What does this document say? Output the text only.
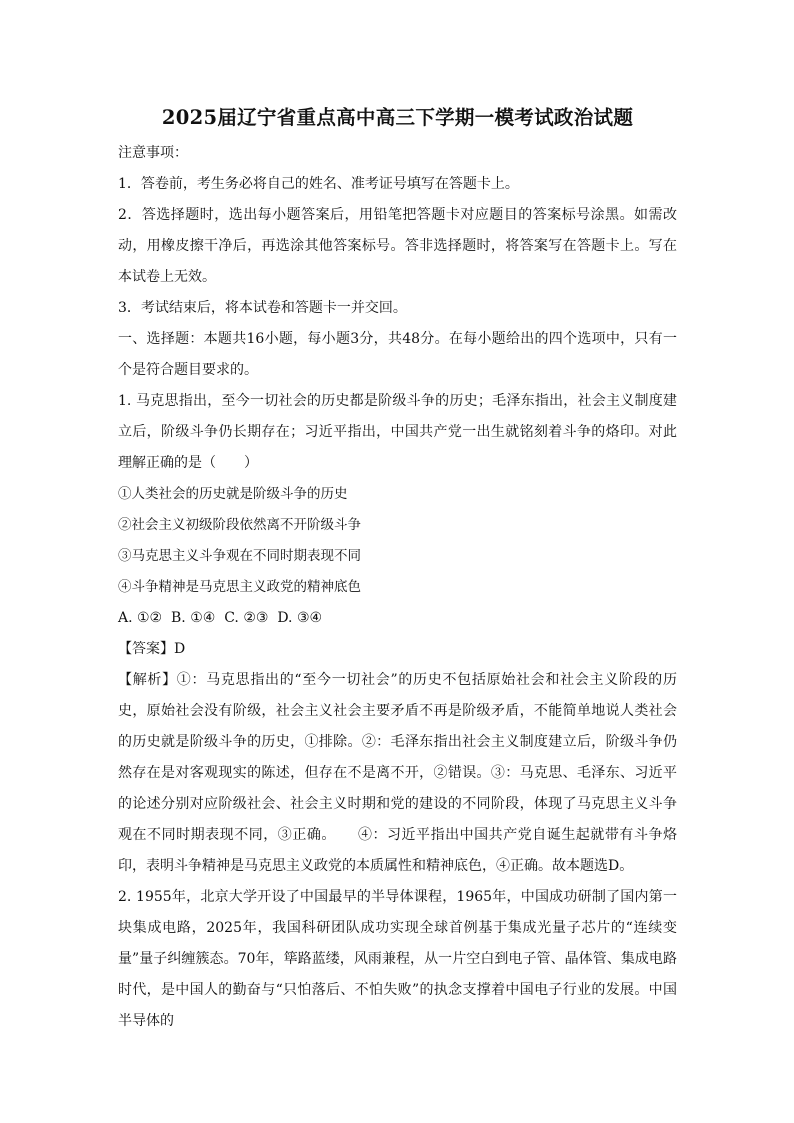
2025届辽宁省重点高中高三下学期一模考试政治试题

注意事项：

1．答卷前，考生务必将自己的姓名、准考证号填写在答题卡上。

2．答选择题时，选出每小题答案后，用铅笔把答题卡对应题目的答案标号涂黑。如需改动，用橡皮擦干净后，再选涂其他答案标号。答非选择题时，将答案写在答题卡上。写在本试卷上无效。

3．考试结束后，将本试卷和答题卡一并交回。

一、选择题：本题共16小题，每小题3分，共48分。在每小题给出的四个选项中，只有一个是符合题目要求的。

1. 马克思指出，至今一切社会的历史都是阶级斗争的历史；毛泽东指出，社会主义制度建立后，阶级斗争仍长期存在；习近平指出，中国共产党一出生就铭刻着斗争的烙印。对此理解正确的是（　　）

①人类社会的历史就是阶级斗争的历史

②社会主义初级阶段依然离不开阶级斗争

③马克思主义斗争观在不同时期表现不同

④斗争精神是马克思主义政党的精神底色

A. ①②  B. ①④  C. ②③  D. ③④

【答案】D

【解析】①：马克思指出的“至今一切社会”的历史不包括原始社会和社会主义阶段的历史，原始社会没有阶级，社会主义社会主要矛盾不再是阶级矛盾，不能简单地说人类社会的历史就是阶级斗争的历史，①排除。②：毛泽东指出社会主义制度建立后，阶级斗争仍然存在是对客观现实的陈述，但存在不是离不开，②错误。③：马克思、毛泽东、习近平的论述分别对应阶级社会、社会主义时期和党的建设的不同阶段，体现了马克思主义斗争观在不同时期表现不同，③正确。　　④：习近平指出中国共产党自诞生起就带有斗争烙印，表明斗争精神是马克思主义政党的本质属性和精神底色，④正确。故本题选D。

2. 1955年，北京大学开设了中国最早的半导体课程，1965年，中国成功研制了国内第一块集成电路，2025年，我国科研团队成功实现全球首例基于集成光量子芯片的“连续变量”量子纠缠簇态。70年，筚路蓝缕，风雨兼程，从一片空白到电子管、晶体管、集成电路时代，是中国人的勤奋与“只怕落后、不怕失败”的执念支撑着中国电子行业的发展。中国半导体的
